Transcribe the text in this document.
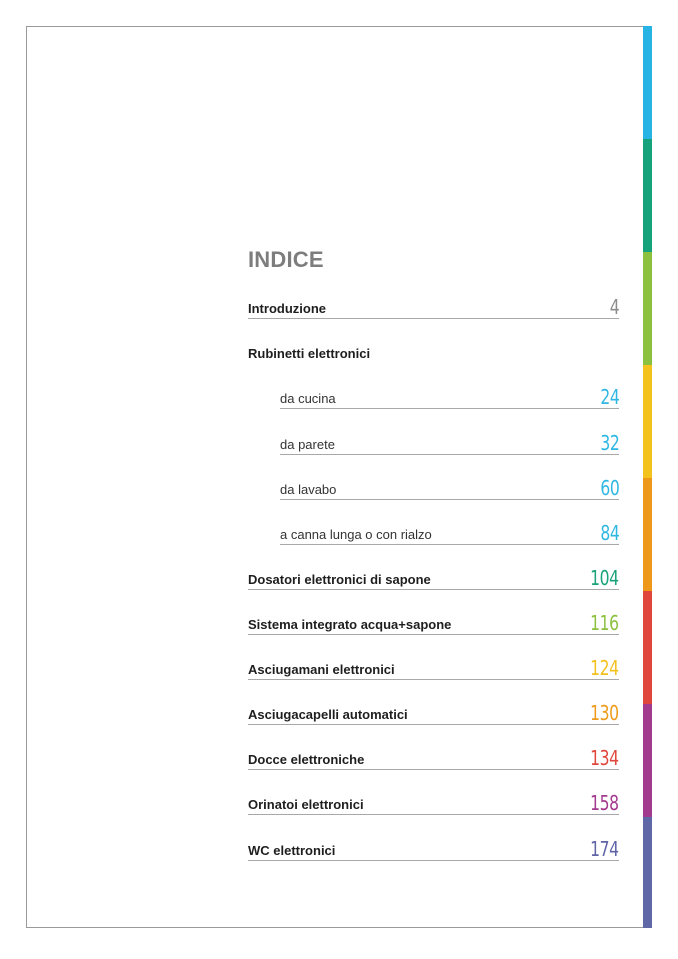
INDICE
Introduzione	4
Rubinetti elettronici
da cucina	24
da parete	32
da lavabo	60
a canna lunga o con rialzo	84
Dosatori elettronici di sapone	104
Sistema integrato acqua+sapone	116
Asciugamani elettronici	124
Asciugacapelli automatici	130
Docce elettroniche	134
Orinatoi elettronici	158
WC elettronici	174
